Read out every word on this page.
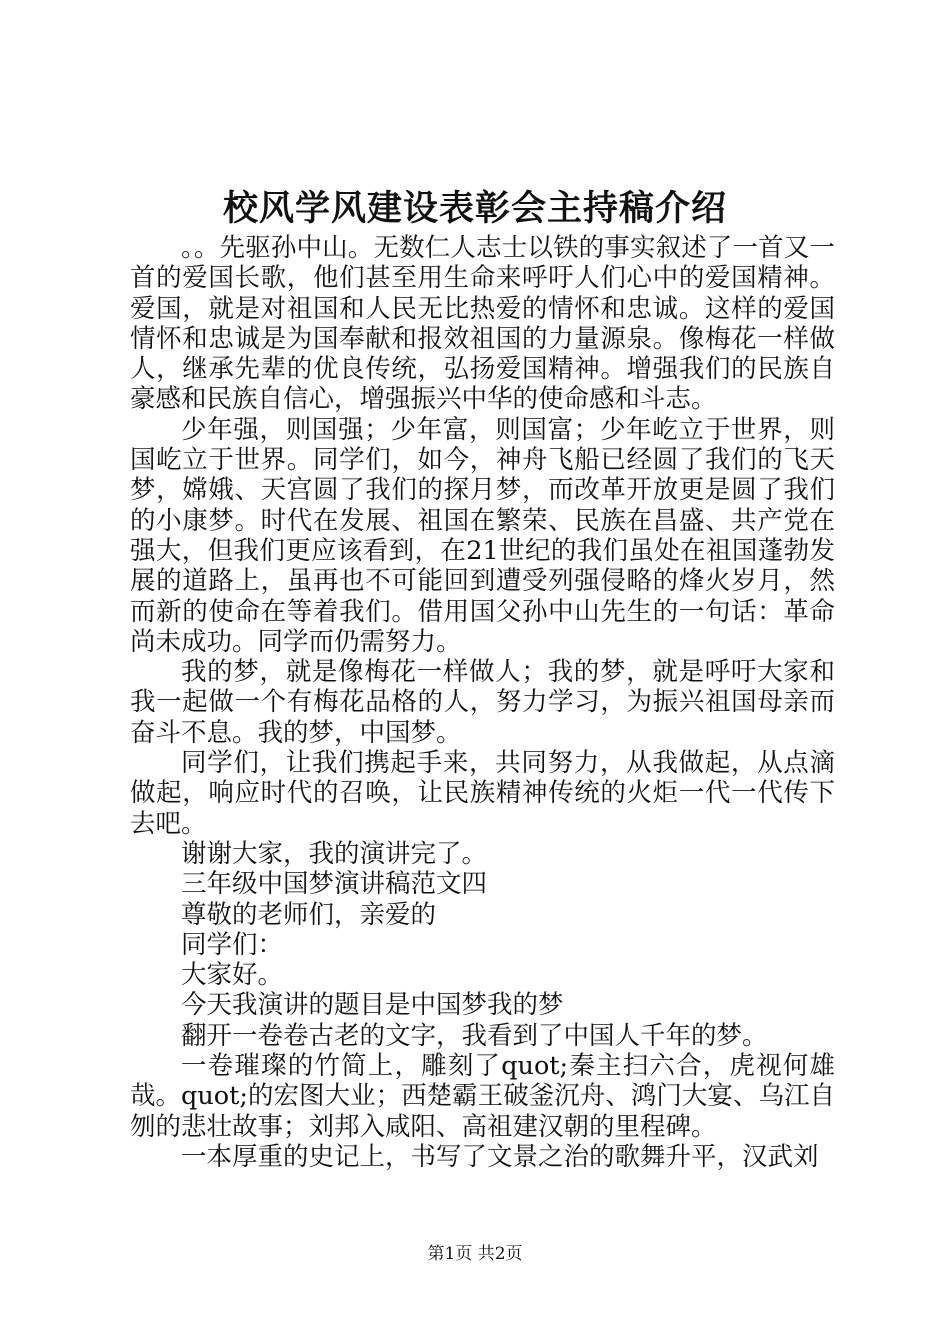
校风学风建设表彰会主持稿介绍

。。先驱孙中山。无数仁人志士以铁的事实叙述了一首又一首的爱国长歌，他们甚至用生命来呼吁人们心中的爱国精神。爱国，就是对祖国和人民无比热爱的情怀和忠诚。这样的爱国情怀和忠诚是为国奉献和报效祖国的力量源泉。像梅花一样做人，继承先辈的优良传统，弘扬爱国精神。增强我们的民族自豪感和民族自信心，增强振兴中华的使命感和斗志。

少年强，则国强；少年富，则国富；少年屹立于世界，则国屹立于世界。同学们，如今，神舟飞船已经圆了我们的飞天梦，嫦娥、天宫圆了我们的探月梦，而改革开放更是圆了我们的小康梦。时代在发展、祖国在繁荣、民族在昌盛、共产党在强大，但我们更应该看到，在21世纪的我们虽处在祖国蓬勃发展的道路上，虽再也不可能回到遭受列强侵略的烽火岁月，然而新的使命在等着我们。借用国父孙中山先生的一句话：革命尚未成功。同学而仍需努力。

我的梦，就是像梅花一样做人；我的梦，就是呼吁大家和我一起做一个有梅花品格的人，努力学习，为振兴祖国母亲而奋斗不息。我的梦，中国梦。

同学们，让我们携起手来，共同努力，从我做起，从点滴做起，响应时代的召唤，让民族精神传统的火炬一代一代传下去吧。

谢谢大家，我的演讲完了。

三年级中国梦演讲稿范文四

尊敬的老师们，亲爱的

同学们：

大家好。

今天我演讲的题目是中国梦我的梦

翻开一卷卷古老的文字，我看到了中国人千年的梦。

一卷璀璨的竹简上，雕刻了quot;秦主扫六合，虎视何雄哉。quot;的宏图大业；西楚霸王破釜沉舟、鸿门大宴、乌江自刎的悲壮故事；刘邦入咸阳、高祖建汉朝的里程碑。

一本厚重的史记上，书写了文景之治的歌舞升平，汉武刘

第1页 共2页
